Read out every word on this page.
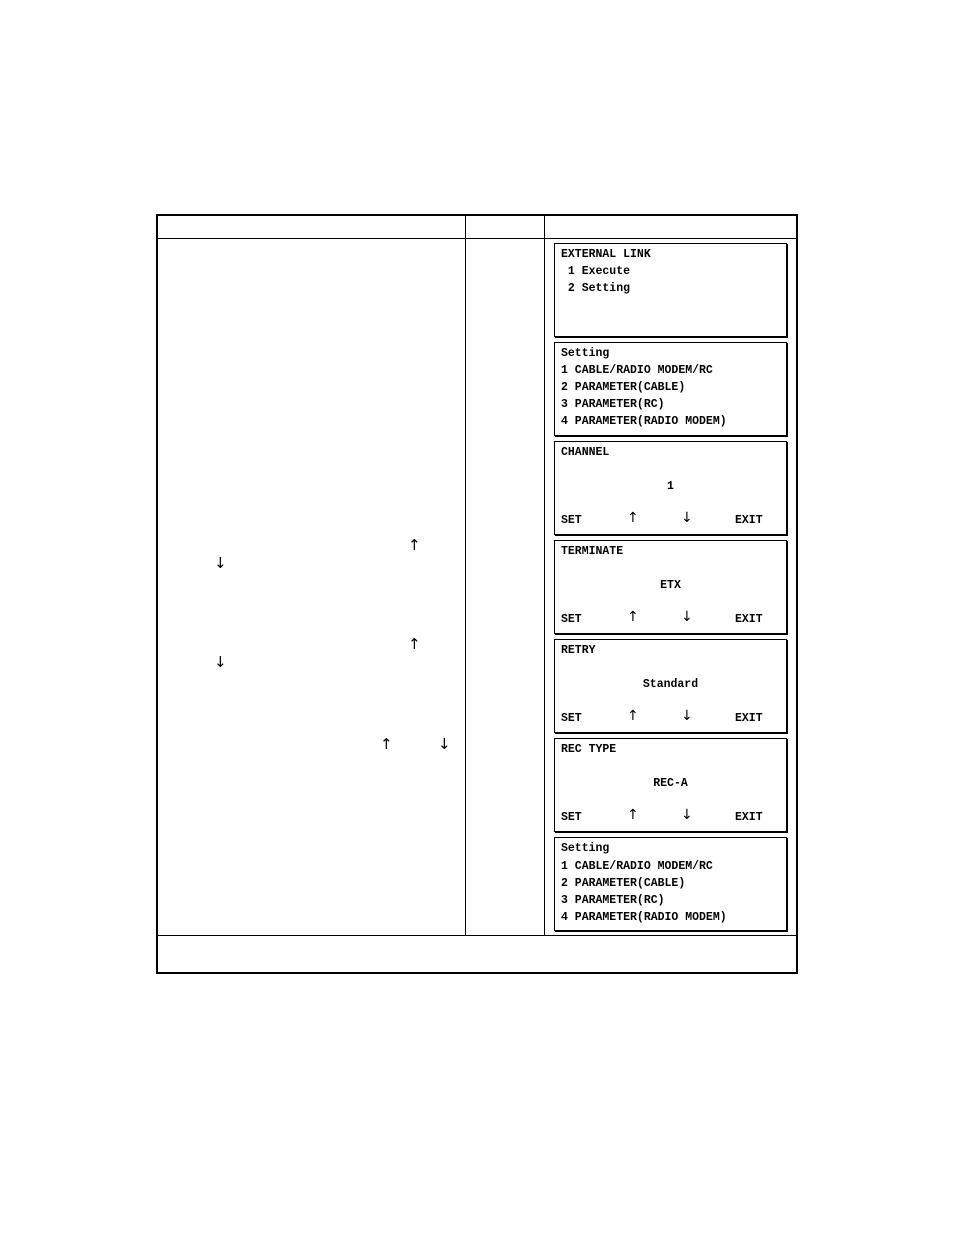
↑
↓
↑
↓
↑	↓
EXTERNAL LINK
1 Execute
2 Setting
Setting
1 CABLE/RADIO MODEM/RC
2 PARAMETER(CABLE)
3 PARAMETER(RC)
4 PARAMETER(RADIO MODEM)
CHANNEL
1
SET	↑	↓	EXIT
TERMINATE
ETX
SET	↑	↓	EXIT
RETRY
Standard
SET	↑	↓	EXIT
REC TYPE
REC-A
SET	↑	↓	EXIT
Setting
1 CABLE/RADIO MODEM/RC
2 PARAMETER(CABLE)
3 PARAMETER(RC)
4 PARAMETER(RADIO MODEM)
